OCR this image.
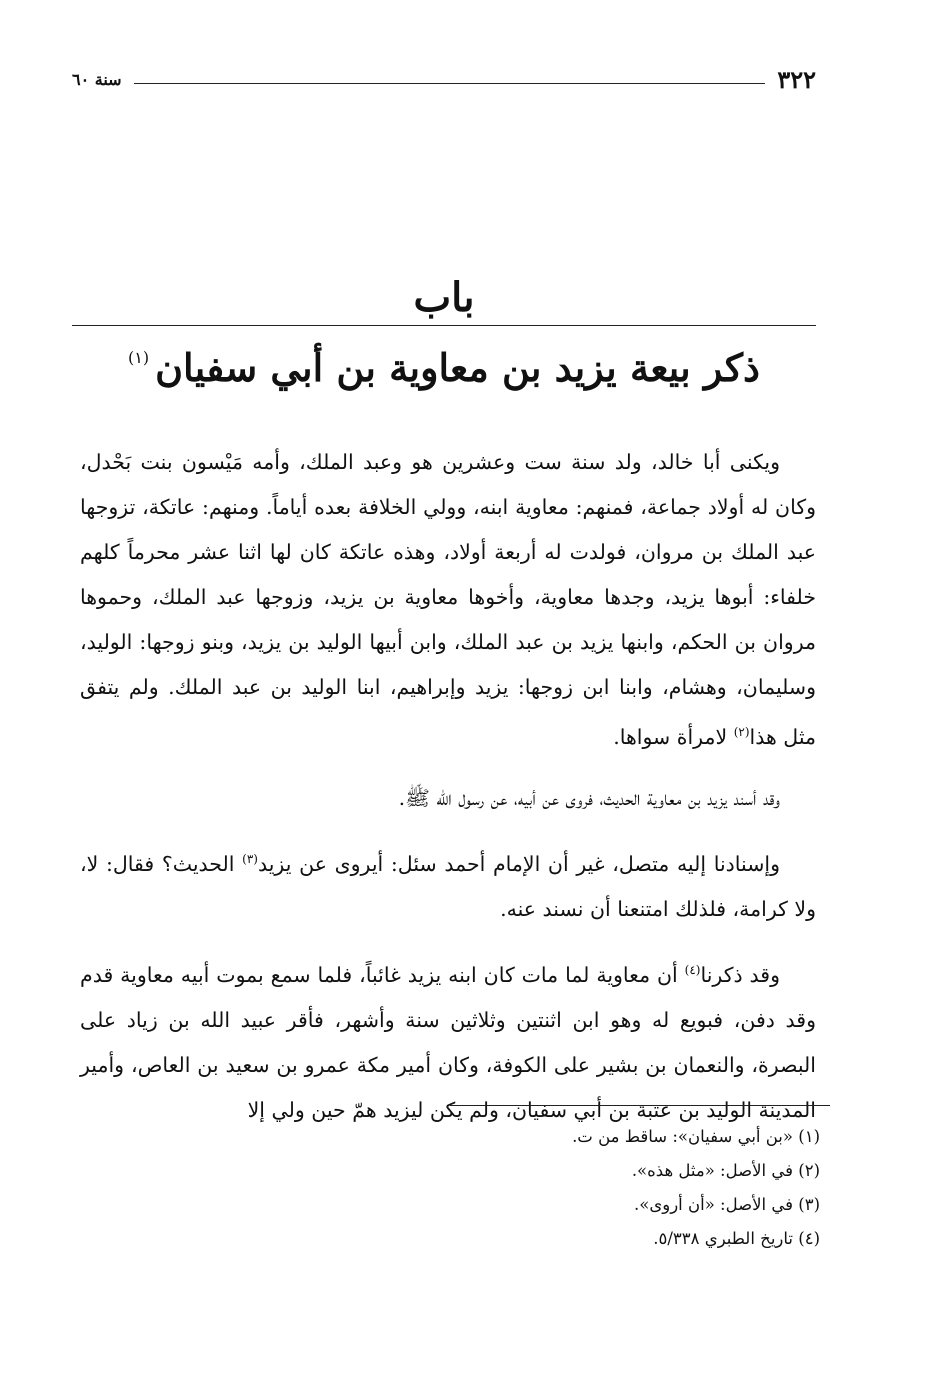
٣٢٢
سنة ٦٠
باب
ذكر بيعة يزيد بن معاوية بن أبي سفيان$^{(١)}$

ويكنى أبا خالد، ولد سنة ست وعشرين هو وعبد الملك، وأمه مَيْسون بنت بَحْدل، وكان له أولاد جماعة، فمنهم: معاوية ابنه، وولي الخلافة بعده أياماً. ومنهم: عاتكة، تزوجها عبد الملك بن مروان، فولدت له أربعة أولاد، وهذه عاتكة كان لها اثنا عشر محرماً كلهم خلفاء: أبوها يزيد، وجدها معاوية، وأخوها معاوية بن يزيد، وزوجها عبد الملك، وحموها مروان بن الحكم، وابنها يزيد بن عبد الملك، وابن أبيها الوليد بن يزيد، وبنو زوجها: الوليد، وسليمان، وهشام، وابنا ابن زوجها: يزيد وإبراهيم، ابنا الوليد بن عبد الملك. ولم يتفق مثل هذا$^{(٢)}$ لامرأة سواها.

وقد أسند يزيد بن معاوية الحديث، فروى عن أبيه، عن رسول الله ﷺ.

وإسنادنا إليه متصل، غير أن الإمام أحمد سئل: أيروى عن يزيد$^{(٣)}$ الحديث؟ فقال: لا، ولا كرامة، فلذلك امتنعنا أن نسند عنه.

وقد ذكرنا$^{(٤)}$ أن معاوية لما مات كان ابنه يزيد غائباً، فلما سمع بموت أبيه معاوية قدم وقد دفن، فبويع له وهو ابن اثنتين وثلاثين سنة وأشهر، فأقر عبيد الله بن زياد على البصرة، والنعمان بن بشير على الكوفة، وكان أمير مكة عمرو بن سعيد بن العاص، وأمير المدينة الوليد بن عتبة بن أبي سفيان، ولم يكن ليزيد همّ حين ولي إلا

(١) «بن أبي سفيان»: ساقط من ت.
(٢) في الأصل: «مثل هذه».
(٣) في الأصل: «أن أروى».
(٤) تاريخ الطبري ٥/٣٣٨.
